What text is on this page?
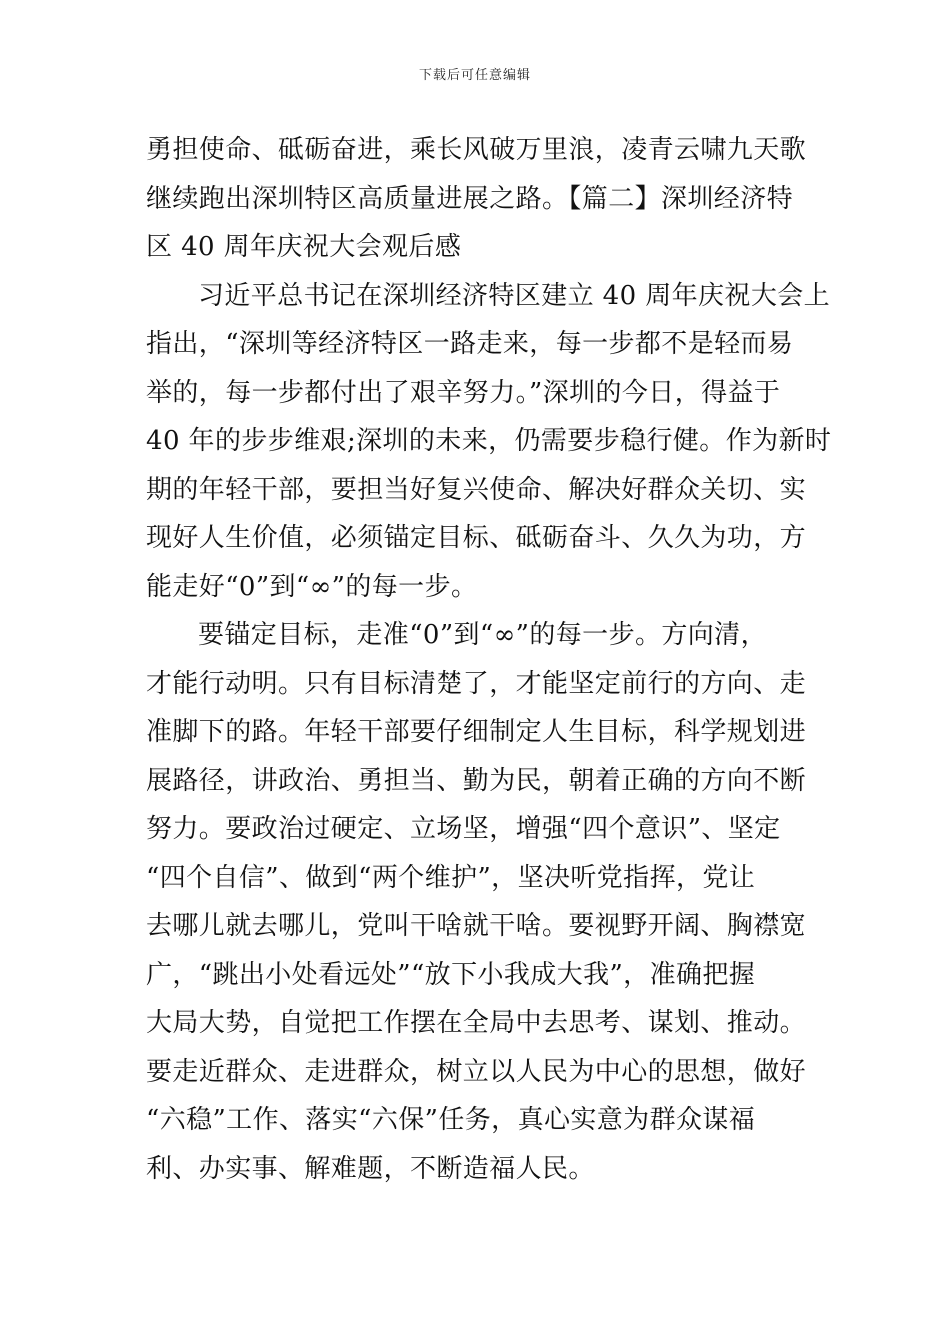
下载后可任意编辑
勇担使命、砥砺奋进，乘长风破万里浪，凌青云啸九天歌
继续跑出深圳特区高质量进展之路。【篇二】深圳经济特
区 40 周年庆祝大会观后感
习近平总书记在深圳经济特区建立 40 周年庆祝大会上
指出，“深圳等经济特区一路走来，每一步都不是轻而易
举的，每一步都付出了艰辛努力。”深圳的今日，得益于
40 年的步步维艰;深圳的未来，仍需要步稳行健。作为新时
期的年轻干部，要担当好复兴使命、解决好群众关切、实
现好人生价值，必须锚定目标、砥砺奋斗、久久为功，方
能走好“0”到“∞”的每一步。
要锚定目标，走准“0”到“∞”的每一步。方向清，
才能行动明。只有目标清楚了，才能坚定前行的方向、走
准脚下的路。年轻干部要仔细制定人生目标，科学规划进
展路径，讲政治、勇担当、勤为民，朝着正确的方向不断
努力。要政治过硬定、立场坚，增强“四个意识”、坚定
“四个自信”、做到“两个维护”，坚决听党指挥，党让
去哪儿就去哪儿，党叫干啥就干啥。要视野开阔、胸襟宽
广，“跳出小处看远处”“放下小我成大我”，准确把握
大局大势，自觉把工作摆在全局中去思考、谋划、推动。
要走近群众、走进群众，树立以人民为中心的思想，做好
“六稳”工作、落实“六保”任务，真心实意为群众谋福
利、办实事、解难题，不断造福人民。
